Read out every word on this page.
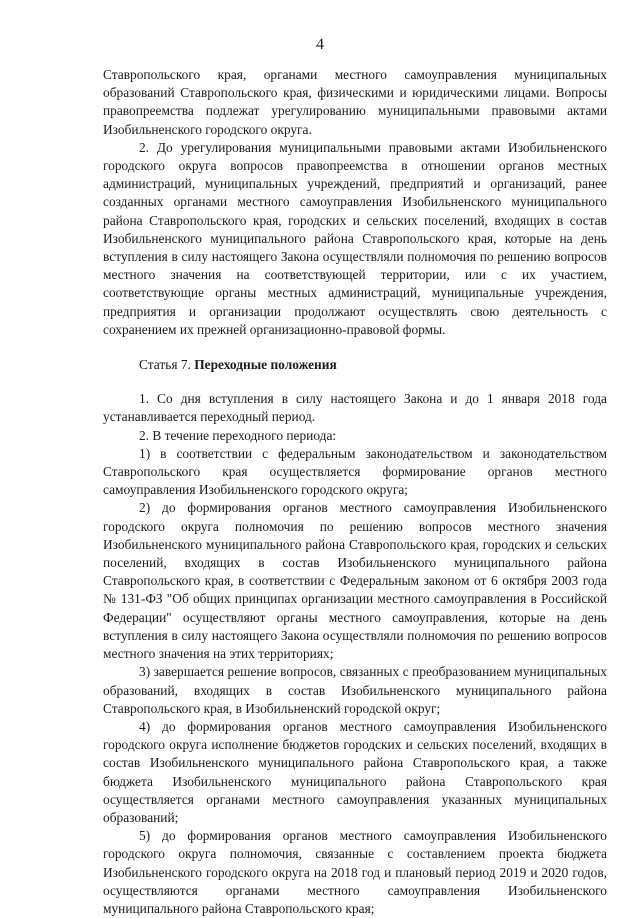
4

Ставропольского края, органами местного самоуправления муниципальных образований Ставропольского края, физическими и юридическими лицами. Вопросы правопреемства подлежат урегулированию муниципальными правовыми актами Изобильненского городского округа.

2. До урегулирования муниципальными правовыми актами Изобильненского городского округа вопросов правопреемства в отношении органов местных администраций, муниципальных учреждений, предприятий и организаций, ранее созданных органами местного самоуправления Изобильненского муниципального района Ставропольского края, городских и сельских поселений, входящих в состав Изобильненского муниципального района Ставропольского края, которые на день вступления в силу настоящего Закона осуществляли полномочия по решению вопросов местного значения на соответствующей территории, или с их участием, соответствующие органы местных администраций, муниципальные учреждения, предприятия и организации продолжают осуществлять свою деятельность с сохранением их прежней организационно-правовой формы.

Статья 7. Переходные положения

1. Со дня вступления в силу настоящего Закона и до 1 января 2018 года устанавливается переходный период.

2. В течение переходного периода:

1) в соответствии с федеральным законодательством и законодательством Ставропольского края осуществляется формирование органов местного самоуправления Изобильненского городского округа;

2) до формирования органов местного самоуправления Изобильненского городского округа полномочия по решению вопросов местного значения Изобильненского муниципального района Ставропольского края, городских и сельских поселений, входящих в состав Изобильненского муниципального района Ставропольского края, в соответствии с Федеральным законом от 6 октября 2003 года № 131-ФЗ "Об общих принципах организации местного самоуправления в Российской Федерации" осуществляют органы местного самоуправления, которые на день вступления в силу настоящего Закона осуществляли полномочия по решению вопросов местного значения на этих территориях;

3) завершается решение вопросов, связанных с преобразованием муниципальных образований, входящих в состав Изобильненского муниципального района Ставропольского края, в Изобильненский городской округ;

4) до формирования органов местного самоуправления Изобильненского городского округа исполнение бюджетов городских и сельских поселений, входящих в состав Изобильненского муниципального района Ставропольского края, а также бюджета Изобильненского муниципального района Ставропольского края осуществляется органами местного самоуправления указанных муниципальных образований;

5) до формирования органов местного самоуправления Изобильненского городского округа полномочия, связанные с составлением проекта бюджета Изобильненского городского округа на 2018 год и плановый период 2019 и 2020 годов, осуществляются органами местного самоуправления Изобильненского муниципального района Ставропольского края;
